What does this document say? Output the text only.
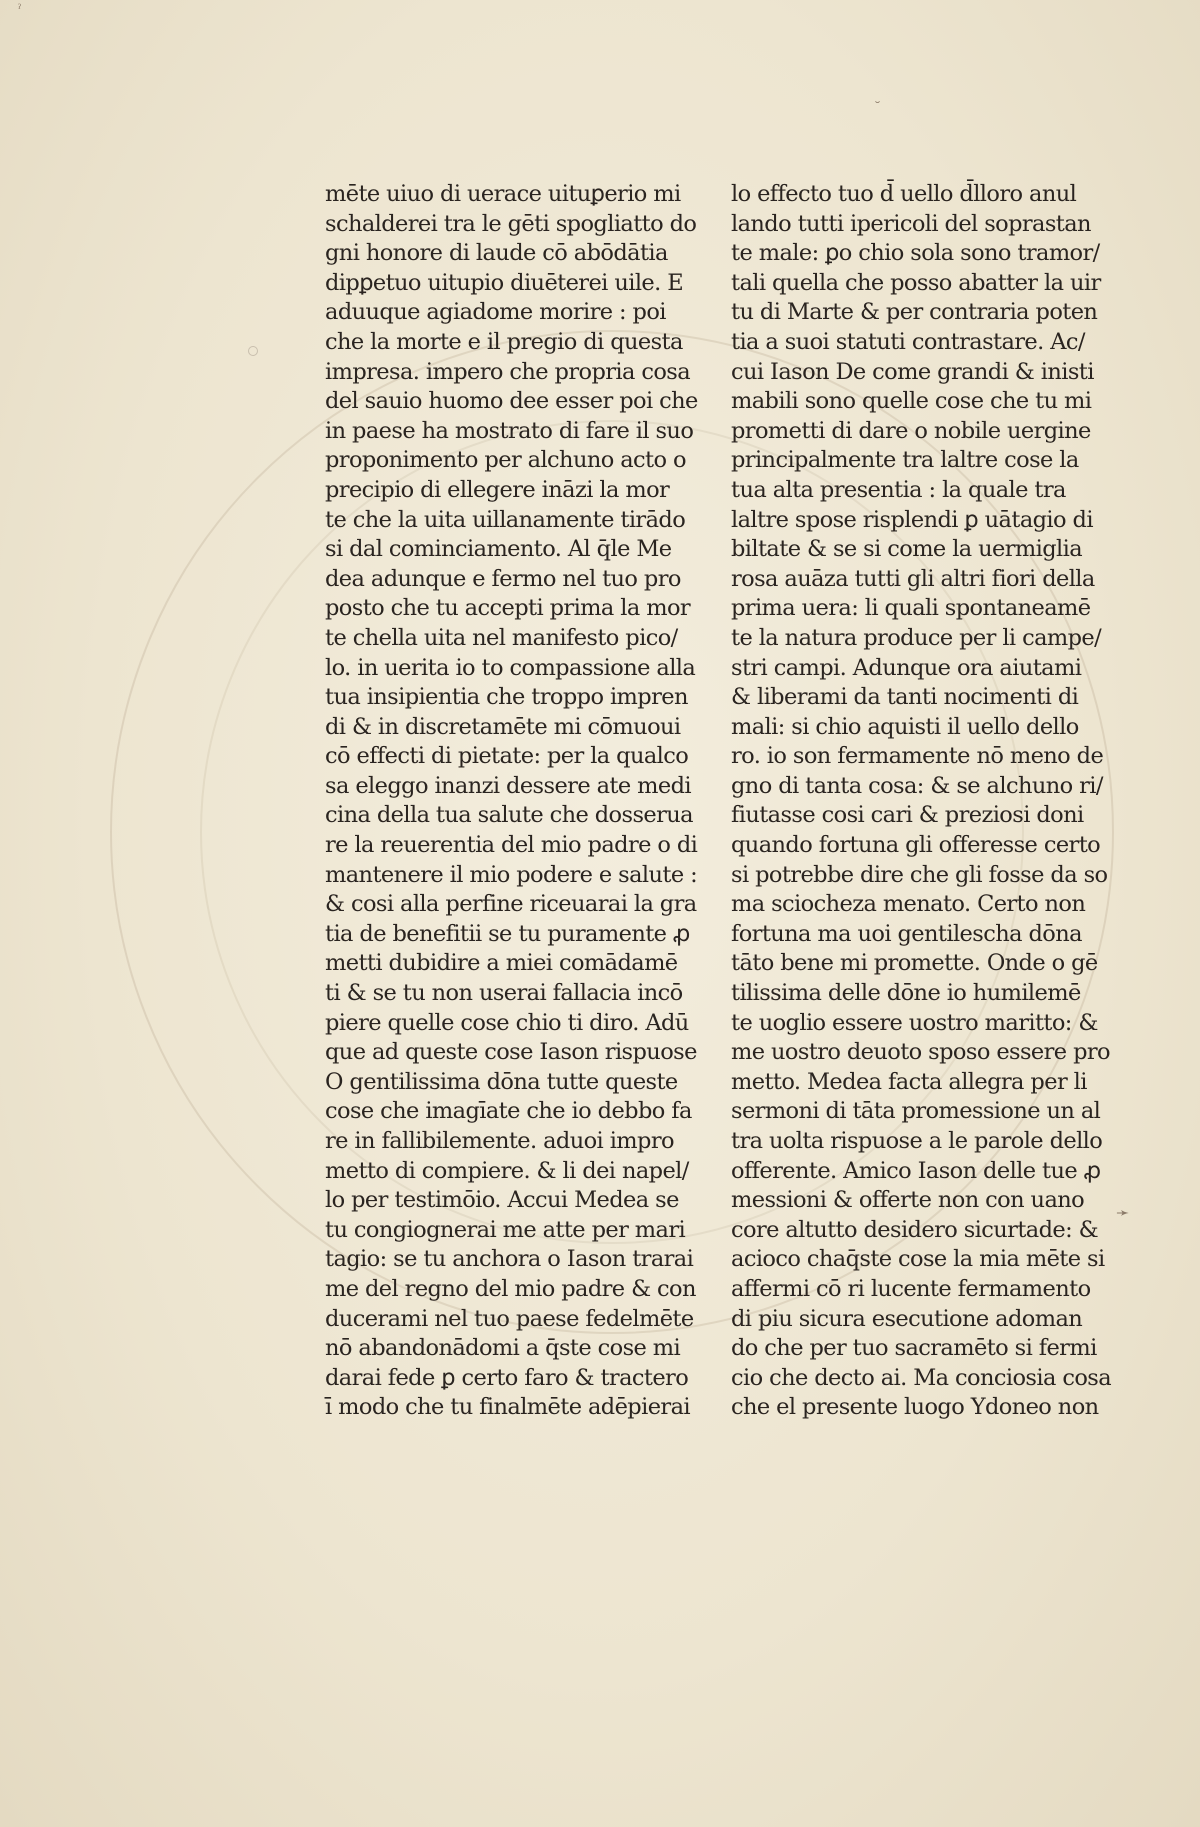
ˀ
˘
➛
mēte uiuo di uerace uituꝑerio mi
schalderei tra le gēti spogliatto do
gni honore di laude cō abōdātia
dipꝑetuo uitupio diuēterei uile. E
aduuque agiadome morire : poi
che la morte e il pregio di questa
impresa. impero che propria cosa
del sauio huomo dee esser poi che
in paese ha mostrato di fare il suo
proponimento per alchuno acto o
precipio di ellegere ināzi la mor
te che la uita uillanamente tirādo
si dal cominciamento. Al q̄le Me
dea adunque e fermo nel tuo pro
posto che tu accepti prima la mor
te chella uita nel manifesto pico/
lo. in uerita io to compassione alla
tua insipientia che troppo impren
di & in discretamēte mi cōmuoui
cō effecti di pietate: per la qualco
sa eleggo inanzi dessere ate medi
cina della tua salute che dosserua
re la reuerentia del mio padre o di
mantenere il mio podere e salute :
& cosi alla perfine riceuarai la gra
tia de benefitii se tu puramente ꝓ
metti dubidire a miei comādamē
ti & se tu non userai fallacia incō
piere quelle cose chio ti diro. Adū
que ad queste cose Iason rispuose
O gentilissima dōna tutte queste
cose che imagīate che io debbo fa
re in fallibilemente. aduoi impro
metto di compiere. & li dei napel/
lo per testimōio. Accui Medea se
tu congiognerai me atte per mari
tagio: se tu anchora o Iason trarai
me del regno del mio padre & con
ducerami nel tuo paese fedelmēte
nō abandonādomi a q̄ste cose mi
darai fede ꝑ certo faro & tractero
ī modo che tu finalmēte adēpierai
lo effecto tuo d̄ uello d̄lloro anul
lando tutti ipericoli del soprastan
te male: ꝑo chio sola sono tramor/
tali quella che posso abatter la uir
tu di Marte & per contraria poten
tia a suoi statuti contrastare. Ac/
cui Iason De come grandi & inisti
mabili sono quelle cose che tu mi
prometti di dare o nobile uergine
principalmente tra laltre cose la
tua alta presentia : la quale tra
laltre spose risplendi ꝑ uātagio di
biltate & se si come la uermiglia
rosa auāza tutti gli altri fiori della
prima uera: li quali spontaneamē
te la natura produce per li campe/
stri campi. Adunque ora aiutami
& liberami da tanti nocimenti di
mali: si chio aquisti il uello dello
ro. io son fermamente nō meno de
gno di tanta cosa: & se alchuno ri/
fiutasse cosi cari & preziosi doni
quando fortuna gli offeresse certo
si potrebbe dire che gli fosse da so
ma sciocheza menato. Certo non
fortuna ma uoi gentilescha dōna
tāto bene mi promette. Onde o gē
tilissima delle dōne io humilemē
te uoglio essere uostro maritto: &
me uostro deuoto sposo essere pro
metto. Medea facta allegra per li
sermoni di tāta promessione un al
tra uolta rispuose a le parole dello
offerente. Amico Iason delle tue ꝓ
messioni & offerte non con uano
core altutto desidero sicurtade: &
acioco chaq̄ste cose la mia mēte si
affermi cō ri lucente fermamento
di piu sicura esecutione adoman
do che per tuo sacramēto si fermi
cio che decto ai. Ma conciosia cosa
che el presente luogo Ydoneo non
